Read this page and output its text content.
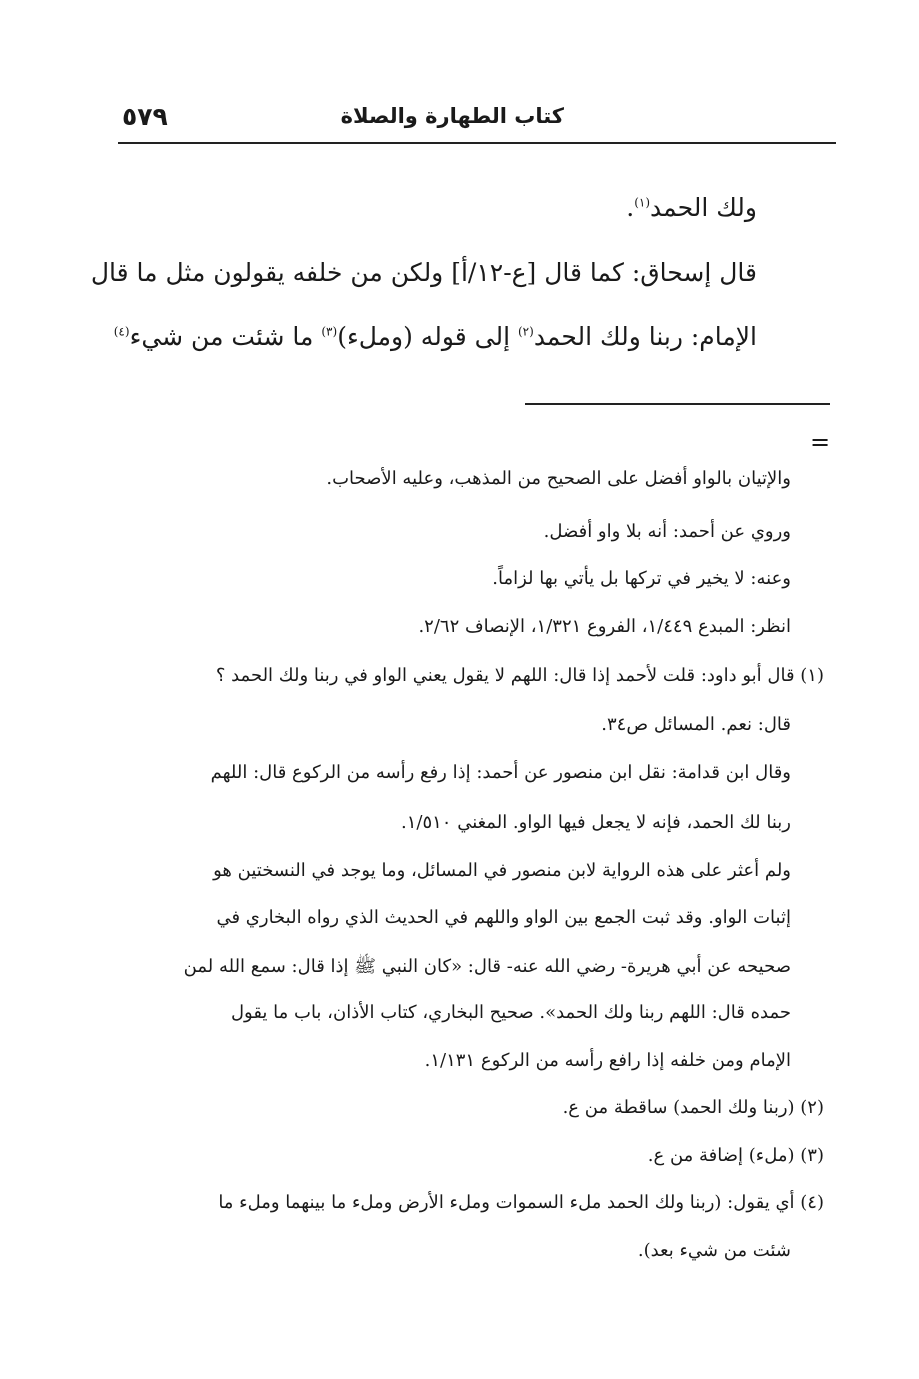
٥٧٩	كتاب الطهارة والصلاة
ولك الحمد$^{(١)}$.
قال إسحاق: كما قال [ع-١٢/أ] ولكن من خلفه يقولون مثل ما قال
الإمام: ربنا ولك الحمد$^{(٢)}$ إلى قوله (وملء)$^{(٣)}$ ما شئت من شيء$^{(٤)}$
=
والإتيان بالواو أفضل على الصحيح من المذهب، وعليه الأصحاب.
وروي عن أحمد: أنه بلا واو أفضل.
وعنه: لا يخير في تركها بل يأتي بها لزاماً.
انظر: المبدع ١/٤٤٩، الفروع ١/٣٢١، الإنصاف ٢/٦٢.
(١) قال أبو داود: قلت لأحمد إذا قال: اللهم لا يقول يعني الواو في ربنا ولك الحمد ؟
قال: نعم. المسائل ص٣٤.
وقال ابن قدامة: نقل ابن منصور عن أحمد: إذا رفع رأسه من الركوع قال: اللهم
ربنا لك الحمد، فإنه لا يجعل فيها الواو. المغني ١/٥١٠.
ولم أعثر على هذه الرواية لابن منصور في المسائل، وما يوجد في النسختين هو
إثبات الواو. وقد ثبت الجمع بين الواو واللهم في الحديث الذي رواه البخاري في
صحيحه عن أبي هريرة- رضي الله عنه- قال: «كان النبي ﷺ إذا قال: سمع الله لمن
حمده قال: اللهم ربنا ولك الحمد». صحيح البخاري، كتاب الأذان، باب ما يقول
الإمام ومن خلفه إذا رافع رأسه من الركوع ١/١٣١.
(٢) (ربنا ولك الحمد) ساقطة من ع.
(٣) (ملء) إضافة من ع.
(٤) أي يقول: (ربنا ولك الحمد ملء السموات وملء الأرض وملء ما بينهما وملء ما
شئت من شيء بعد).
